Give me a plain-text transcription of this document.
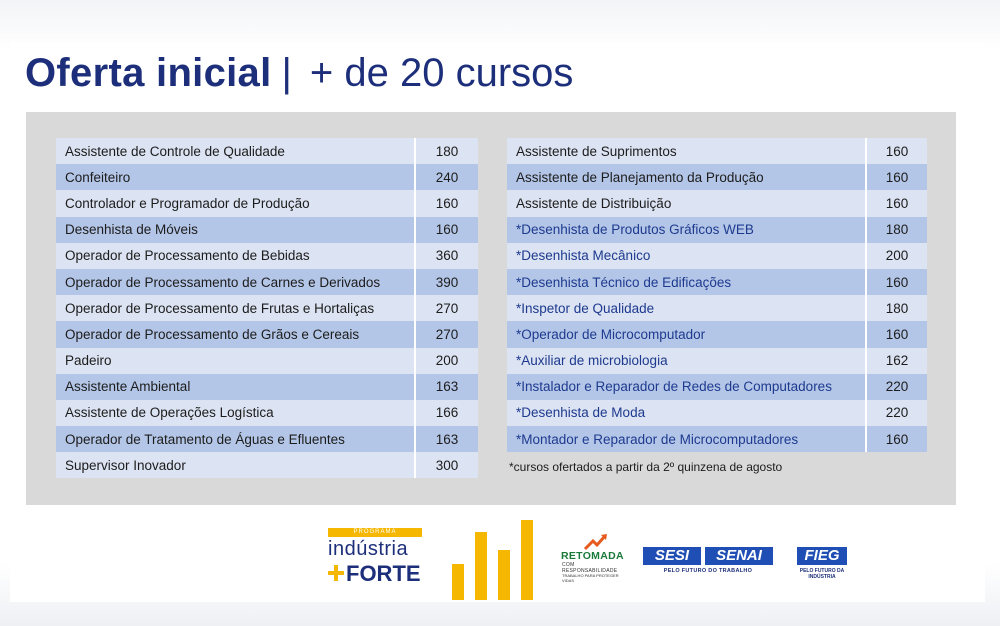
Oferta inicial | + de 20 cursos
Assistente de Controle de Qualidade	180
Confeiteiro	240
Controlador e Programador de Produção	160
Desenhista de Móveis	160
Operador de Processamento de Bebidas	360
Operador de Processamento de Carnes e Derivados	390
Operador de Processamento de Frutas e Hortaliças	270
Operador de Processamento de Grãos e Cereais	270
Padeiro	200
Assistente Ambiental	163
Assistente de Operações Logística	166
Operador de Tratamento de Águas e Efluentes	163
Supervisor Inovador	300
Assistente de Suprimentos	160
Assistente de Planejamento da Produção	160
Assistente de Distribuição	160
*Desenhista de Produtos Gráficos WEB	180
*Desenhista Mecânico	200
*Desenhista Técnico de Edificações	160
*Inspetor de Qualidade	180
*Operador de Microcomputador	160
*Auxiliar de microbiologia	162
*Instalador e Reparador de Redes de Computadores	220
*Desenhista de Moda	220
*Montador e Reparador de Microcomputadores	160
*cursos ofertados a partir da 2º quinzena de agosto
PROGRAMA
indústria
FORTE
RETOMADA
COM RESPONSABILIDADE
TRABALHO PARA PROTEGER VIDAS
SESI	SENAI
PELO FUTURO DO TRABALHO
FIEG
PELO FUTURO DA INDÚSTRIA
